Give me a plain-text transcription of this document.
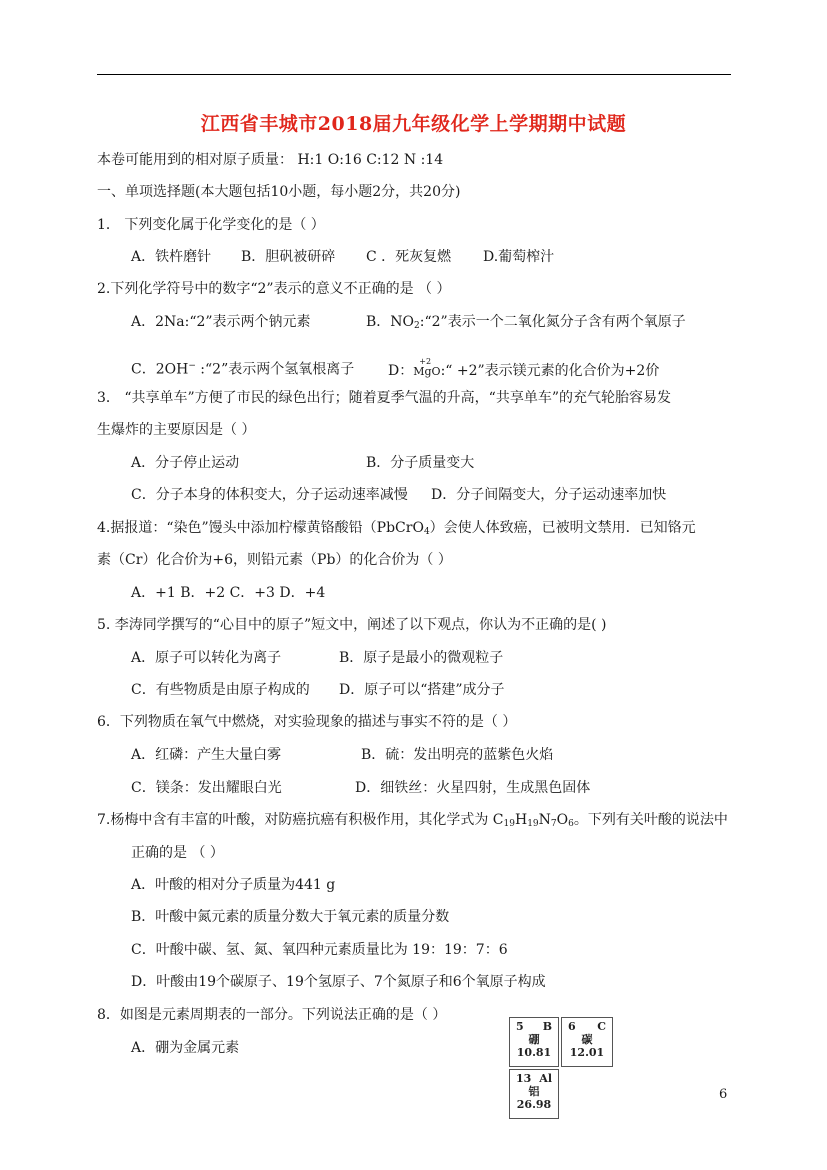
江西省丰城市2018届九年级化学上学期期中试题
本卷可能用到的相对原子质量： H:1 O:16 C:12 N :14
一、单项选择题(本大题包括10小题，每小题2分，共20分)
1． 下列变化属于化学变化的是（ ）
A．铁杵磨针 B．胆矾被研碎 C ．死灰复燃 D.葡萄榨汁
2.下列化学符号中的数字“2”表示的意义不正确的是 （ ）
A．2Na:“2”表示两个钠元素	B．$NO_2:“2$”表示一个二氧化氮分子含有两个氧原子
C．2OH− :“2”表示两个氢氧根离子 D：
+2
MgO:“ +2”表示镁元素的化合价为+2价
3． “共享单车”方便了市民的绿色出行；随着夏季气温的升高，“共享单车”的充气轮胎容易发
生爆炸的主要原因是（ ）
A．分子停止运动	B．分子质量变大
C．分子本身的体积变大，分子运动速率减慢 D．分子间隔变大，分子运动速率加快
4.据报道：“染色”馒头中添加柠檬黄铬酸铅（PbCrO$_4$）会使人体致癌，已被明文禁用．已知铬元
素（Cr）化合价为+6，则铅元素（Pb）的化合价为（ ）
A．+1 B．+2 C．+3 D．+4
5. 李涛同学撰写的“心目中的原子”短文中，阐述了以下观点，你认为不正确的是( )
A．原子可以转化为离子	B．原子是最小的微观粒子
C．有些物质是由原子构成的 D．原子可以“搭建”成分子
6．下列物质在氧气中燃烧，对实验现象的描述与事实不符的是（ ）
A．红磷：产生大量白雾	B．硫：发出明亮的蓝紫色火焰
C．镁条：发出耀眼白光	D．细铁丝：火星四射，生成黑色固体
7.杨梅中含有丰富的叶酸，对防癌抗癌有积极作用，其化学式为 $C_{19}H_{19}N_7O_6$。下列有关叶酸的说法中
正确的是 （ ）
A．叶酸的相对分子质量为441 g
B．叶酸中氮元素的质量分数大于氧元素的质量分数
C．叶酸中碳、氢、氮、氧四种元素质量比为 19：19：7：6
D．叶酸由19个碳原子、19个氢原子、7个氮原子和6个氧原子构成
8．如图是元素周期表的一部分。下列说法正确的是（ ）
A．硼为金属元素
5 B
硼
10.81
6 C
碳
12.01
13 Al
铝
26.98
6
